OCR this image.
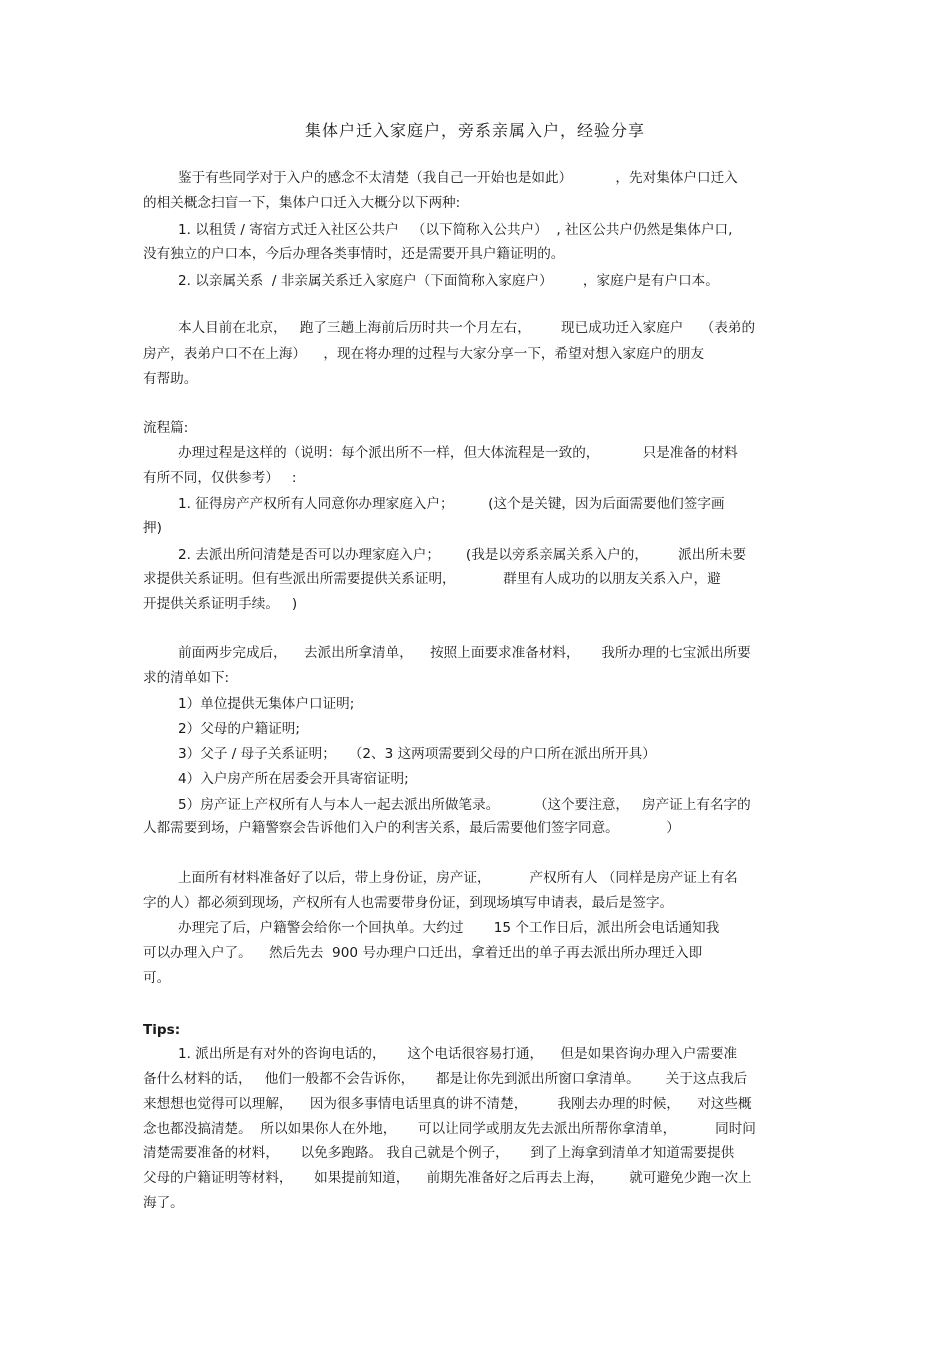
集体户迁入家庭户，旁系亲属入户，经验分享
鉴于有些同学对于入户的感念不太清楚（我自己一开始也是如此）          ，先对集体户口迁入
的相关概念扫盲一下，集体户口迁入大概分以下两种:
1. 以租赁 / 寄宿方式迁入社区公共户   （以下简称入公共户）  , 社区公共户仍然是集体户口,
没有独立的户口本，今后办理各类事情时，还是需要开具户籍证明的。
2. 以亲属关系  / 非亲属关系迁入家庭户（下面简称入家庭户）       ，家庭户是有户口本。
本人目前在北京，   跑了三趟上海前后历时共一个月左右，       现已成功迁入家庭户    （表弟的
房产，表弟户口不在上海）    ，现在将办理的过程与大家分享一下，希望对想入家庭户的朋友
有帮助。
流程篇:
办理过程是这样的（说明：每个派出所不一样，但大体流程是一致的，          只是准备的材料
有所不同，仅供参考）   :
1. 征得房产产权所有人同意你办理家庭入户；        (这个是关键，因为后面需要他们签字画
押)
2. 去派出所问清楚是否可以办理家庭入户；      (我是以旁系亲属关系入户的，       派出所未要
求提供关系证明。但有些派出所需要提供关系证明，           群里有人成功的以朋友关系入户，避
开提供关系证明手续。   )
前面两步完成后，    去派出所拿清单，    按照上面要求准备材料，     我所办理的七宝派出所要
求的清单如下:
1）单位提供无集体户口证明;
2）父母的户籍证明;
3）父子 / 母子关系证明；   （2、3 这两项需要到父母的户口所在派出所开具）
4）入户房产所在居委会开具寄宿证明;
5）房产证上产权所有人与本人一起去派出所做笔录。        （这个要注意，   房产证上有名字的
人都需要到场，户籍警察会告诉他们入户的利害关系，最后需要他们签字同意。           ）
上面所有材料准备好了以后，带上身份证，房产证，         产权所有人 （同样是房产证上有名
字的人）都必须到现场，产权所有人也需要带身份证，到现场填写申请表，最后是签字。
办理完了后，户籍警会给你一个回执单。大约过       15 个工作日后，派出所会电话通知我
可以办理入户了。    然后先去  900 号办理户口迁出，拿着迁出的单子再去派出所办理迁入即
可。
Tips:
1. 派出所是有对外的咨询电话的，     这个电话很容易打通，    但是如果咨询办理入户需要准
备什么材料的话，   他们一般都不会告诉你，     都是让你先到派出所窗口拿清单。      关于这点我后
来想想也觉得可以理解，    因为很多事情电话里真的讲不清楚，       我刚去办理的时候，    对这些概
念也都没搞清楚。  所以如果你人在外地，     可以让同学或朋友先去派出所帮你拿清单，         同时问
清楚需要准备的材料，     以免多跑路。 我自己就是个例子，     到了上海拿到清单才知道需要提供
父母的户籍证明等材料，     如果提前知道，    前期先准备好之后再去上海，      就可避免少跑一次上
海了。
